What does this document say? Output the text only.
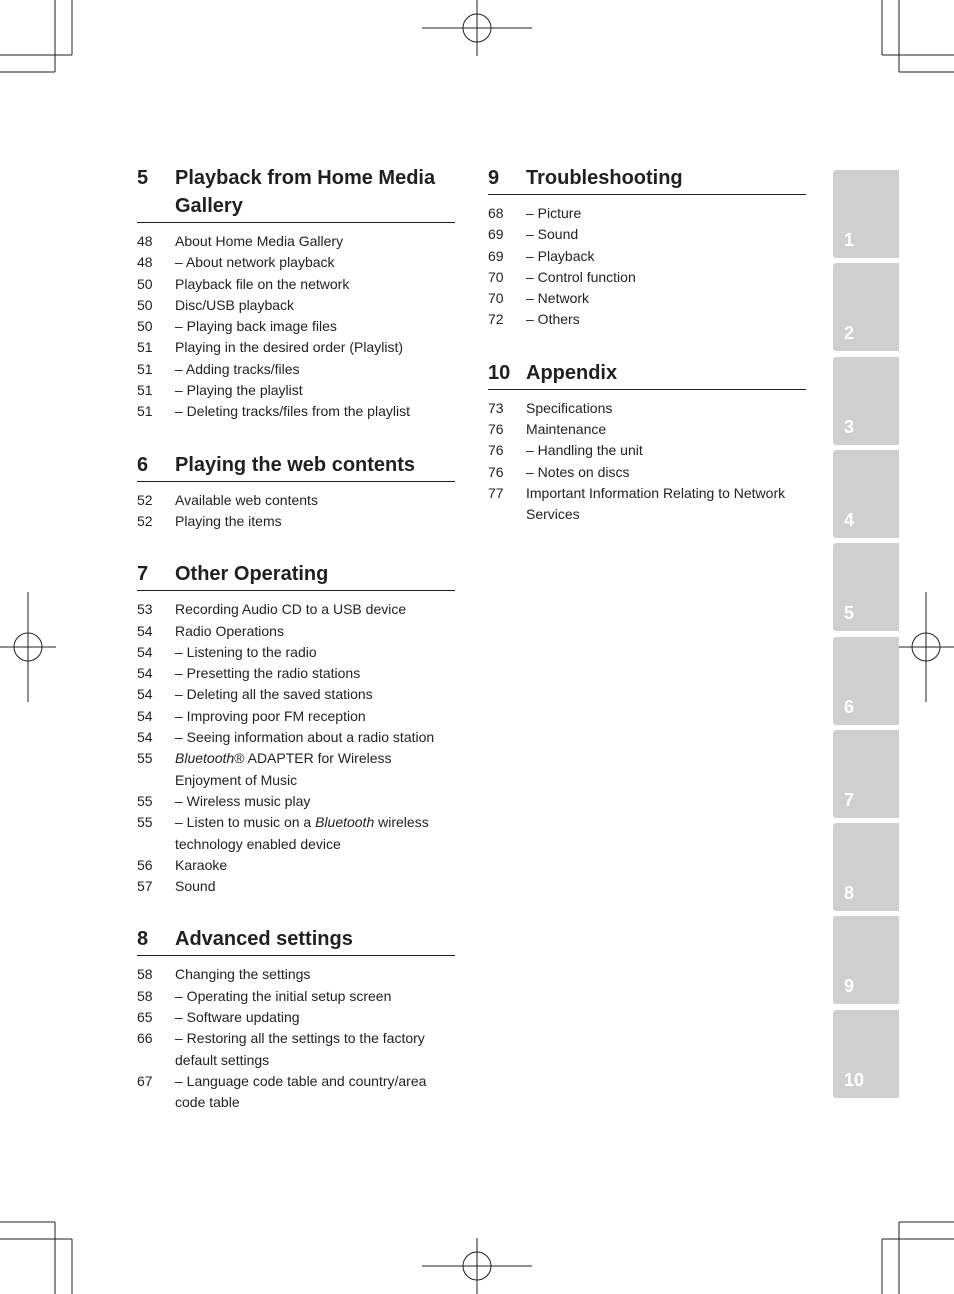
5	Playback from Home Media Gallery
48	About Home Media Gallery
48	– About network playback
50	Playback file on the network
50	Disc/USB playback
50	– Playing back image files
51	Playing in the desired order (Playlist)
51	– Adding tracks/files
51	– Playing the playlist
51	– Deleting tracks/files from the playlist
6	Playing the web contents
52	Available web contents
52	Playing the items
7	Other Operating
53	Recording Audio CD to a USB device
54	Radio Operations
54	– Listening to the radio
54	– Presetting the radio stations
54	– Deleting all the saved stations
54	– Improving poor FM reception
54	– Seeing information about a radio station
55	Bluetooth® ADAPTER for Wireless Enjoyment of Music
55	– Wireless music play
55	– Listen to music on a Bluetooth wireless technology enabled device
56	Karaoke
57	Sound
8	Advanced settings
58	Changing the settings
58	– Operating the initial setup screen
65	– Software updating
66	– Restoring all the settings to the factory default settings
67	– Language code table and country/area code table
9	Troubleshooting
68	– Picture
69	– Sound
69	– Playback
70	– Control function
70	– Network
72	– Others
10 Appendix
73	Specifications
76	Maintenance
76	– Handling the unit
76	– Notes on discs
77	Important Information Relating to Network Services
1
2
3
4
5
6
7
8
9
10
